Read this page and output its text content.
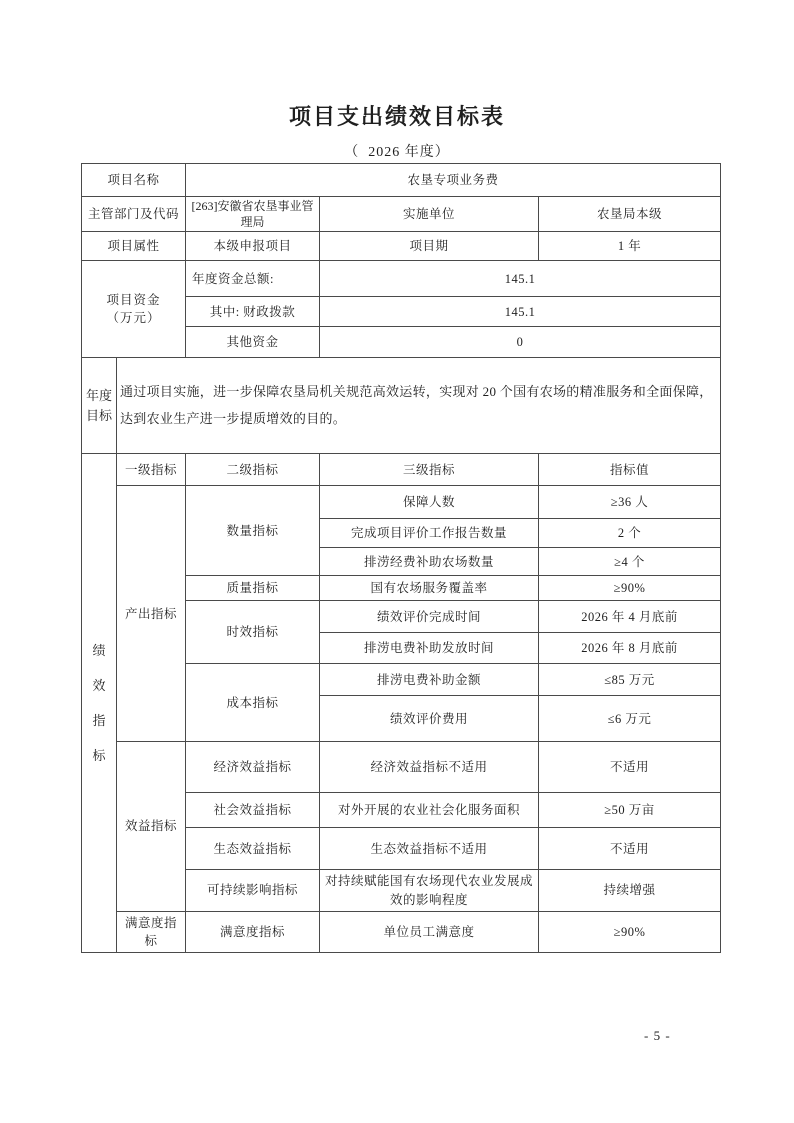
项目支出绩效目标表
（  2026 年度）
项目名称		农垦专项业务费		
主管部门及代码		[263]安徽省农垦事业管理局	实施单位	农垦局本级
项目属性		本级申报项目	项目期	1 年
项目资金（万元）		年度资金总额:	145.1	
		其中: 财政拨款	145.1	
		其他资金	0	
年度目标	通过项目实施，进一步保障农垦局机关规范高效运转，实现对 20 个国有农场的精准服务和全面保障，达到农业生产进一步提质增效的目的。			

绩效指标	一级指标	二级指标	三级指标	指标值
	产出指标	数量指标	保障人数	≥36 人
			完成项目评价工作报告数量	2 个
			排涝经费补助农场数量	≥4 个
		质量指标	国有农场服务覆盖率	≥90%
		时效指标	绩效评价完成时间	2026 年 4 月底前
			排涝电费补助发放时间	2026 年 8 月底前
		成本指标	排涝电费补助金额	≤85 万元
			绩效评价费用	≤6 万元
	效益指标	经济效益指标	经济效益指标不适用	不适用
		社会效益指标	对外开展的农业社会化服务面积	≥50 万亩
		生态效益指标	生态效益指标不适用	不适用
		可持续影响指标	对持续赋能国有农场现代农业发展成效的影响程度	持续增强
	满意度指标	满意度指标	单位员工满意度	≥90%
- 5 -
